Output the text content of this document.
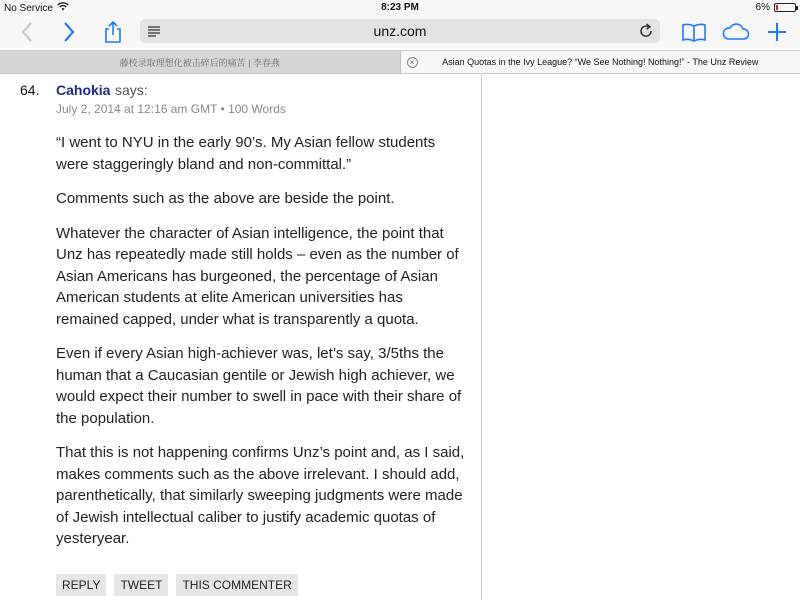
No Service	8:23 PM	6%
unz.com
藤校录取理想化被击碎后的痛苦 | 李春燕	×	Asian Quotas in the Ivy League? “We See Nothing! Nothing!” - The Unz Review
64. Cahokia says:
July 2, 2014 at 12:16 am GMT • 100 Words

“I went to NYU in the early 90’s. My Asian fellow students were staggeringly bland and non-committal.”

Comments such as the above are beside the point.

Whatever the character of Asian intelligence, the point that Unz has repeatedly made still holds – even as the number of Asian Americans has burgeoned, the percentage of Asian American students at elite American universities has remained capped, under what is transparently a quota.

Even if every Asian high-achiever was, let’s say, 3/5ths the human that a Caucasian gentile or Jewish high achiever, we would expect their number to swell in pace with their share of the population.

That this is not happening confirms Unz’s point and, as I said, makes comments such as the above irrelevant. I should add, parenthetically, that similarly sweeping judgments were made of Jewish intellectual caliber to justify academic quotas of yesteryear.

REPLY	TWEET	THIS COMMENTER
